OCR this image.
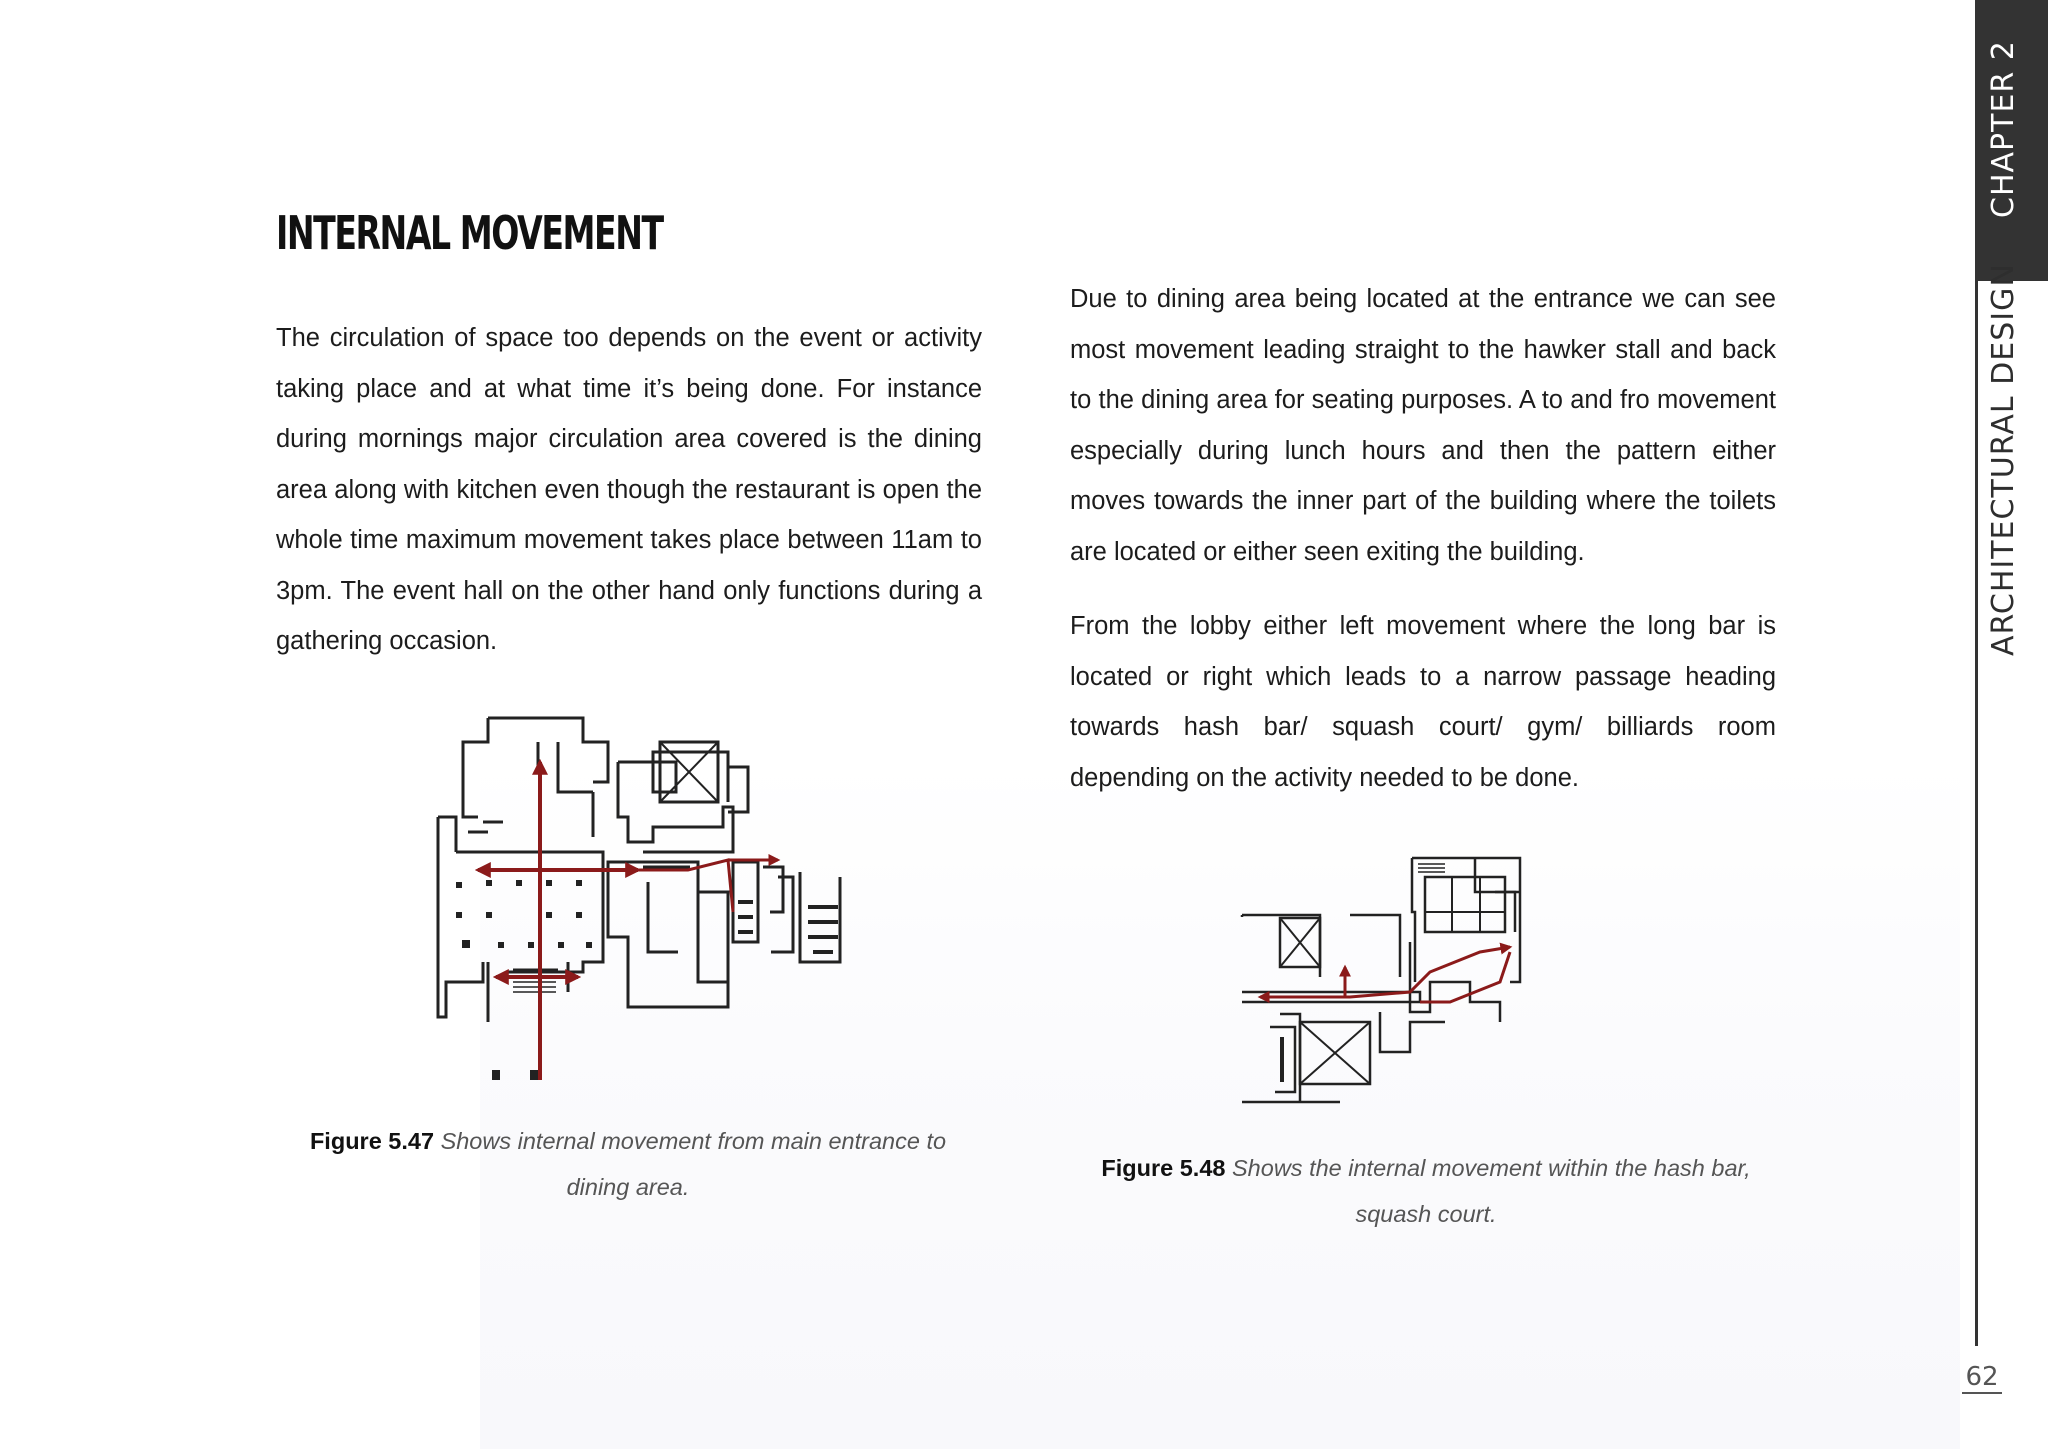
INTERNAL MOVEMENT

The circulation of space too depends on the event or activity taking place and at what time it’s being done. For instance during mornings major circulation area covered is the dining area along with kitchen even though the restaurant is open the whole time maximum movement takes place between 11am to 3pm. The event hall on the other hand only functions during a gathering occasion.

Due to dining area being located at the entrance we can see most movement leading straight to the hawker stall and back to the dining area for seating purposes. A to and fro movement especially during lunch hours and then the pattern either moves towards the inner part of the building where the toilets are located or either seen exiting the building.

From the lobby either left movement where the long bar is located or right which leads to a narrow passage heading towards hash bar/ squash court/ gym/ billiards room depending on the activity needed to be done.

Figure 5.47 Shows internal movement from main entrance to dining area.

Figure 5.48 Shows the internal movement within the hash bar, squash court.

CHAPTER 2
ARCHITECTURAL DESIGN
62
